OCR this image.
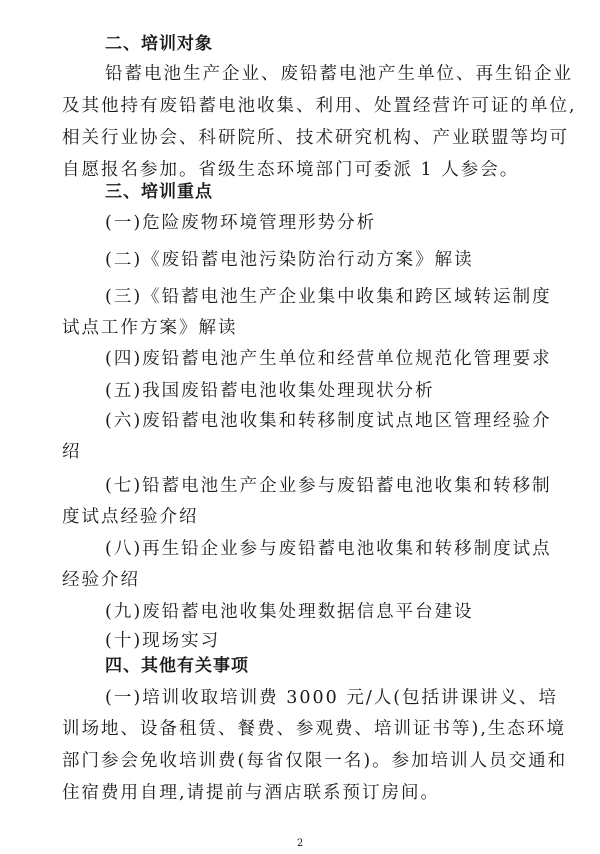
二、培训对象
铅蓄电池生产企业、废铅蓄电池产生单位、再生铅企业
及其他持有废铅蓄电池收集、利用、处置经营许可证的单位,
相关行业协会、科研院所、技术研究机构、产业联盟等均可
自愿报名参加。省级生态环境部门可委派 1 人参会。
三、培训重点
(一)危险废物环境管理形势分析
(二)《废铅蓄电池污染防治行动方案》解读
(三)《铅蓄电池生产企业集中收集和跨区域转运制度
试点工作方案》解读
(四)废铅蓄电池产生单位和经营单位规范化管理要求
(五)我国废铅蓄电池收集处理现状分析
(六)废铅蓄电池收集和转移制度试点地区管理经验介
绍
(七)铅蓄电池生产企业参与废铅蓄电池收集和转移制
度试点经验介绍
(八)再生铅企业参与废铅蓄电池收集和转移制度试点
经验介绍
(九)废铅蓄电池收集处理数据信息平台建设
(十)现场实习
四、其他有关事项
(一)培训收取培训费 3000 元/人(包括讲课讲义、培
训场地、设备租赁、餐费、参观费、培训证书等),生态环境
部门参会免收培训费(每省仅限一名)。参加培训人员交通和
住宿费用自理,请提前与酒店联系预订房间。
2
